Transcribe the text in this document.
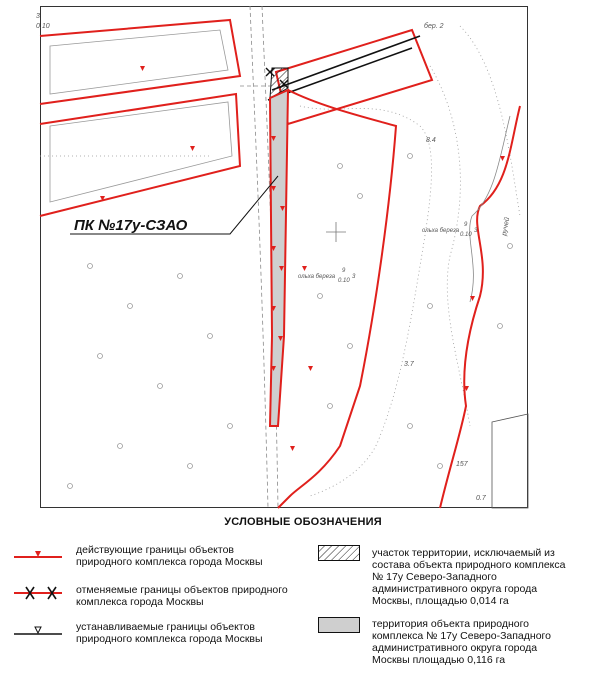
ПК №17у-СЗАО
3
0.10
8.4
3.7
157
0.7
бер. 2
ольха береза
9
0.10
3
ольха береза
9
0.10
3
ручей
УСЛОВНЫЕ ОБОЗНАЧЕНИЯ
действующие границы объектов
природного комплекса города Москвы
отменяемые границы объектов природного
комплекса города Москвы
устанавливаемые границы объектов
природного комплекса города Москвы
участок территории, исключаемый из
состава объекта природного комплекса
№ 17у Северо-Западного
административного округа города
Москвы, площадью 0,014 га
территория объекта природного
комплекса № 17у Северо-Западного
административного округа города
Москвы площадью 0,116 га
